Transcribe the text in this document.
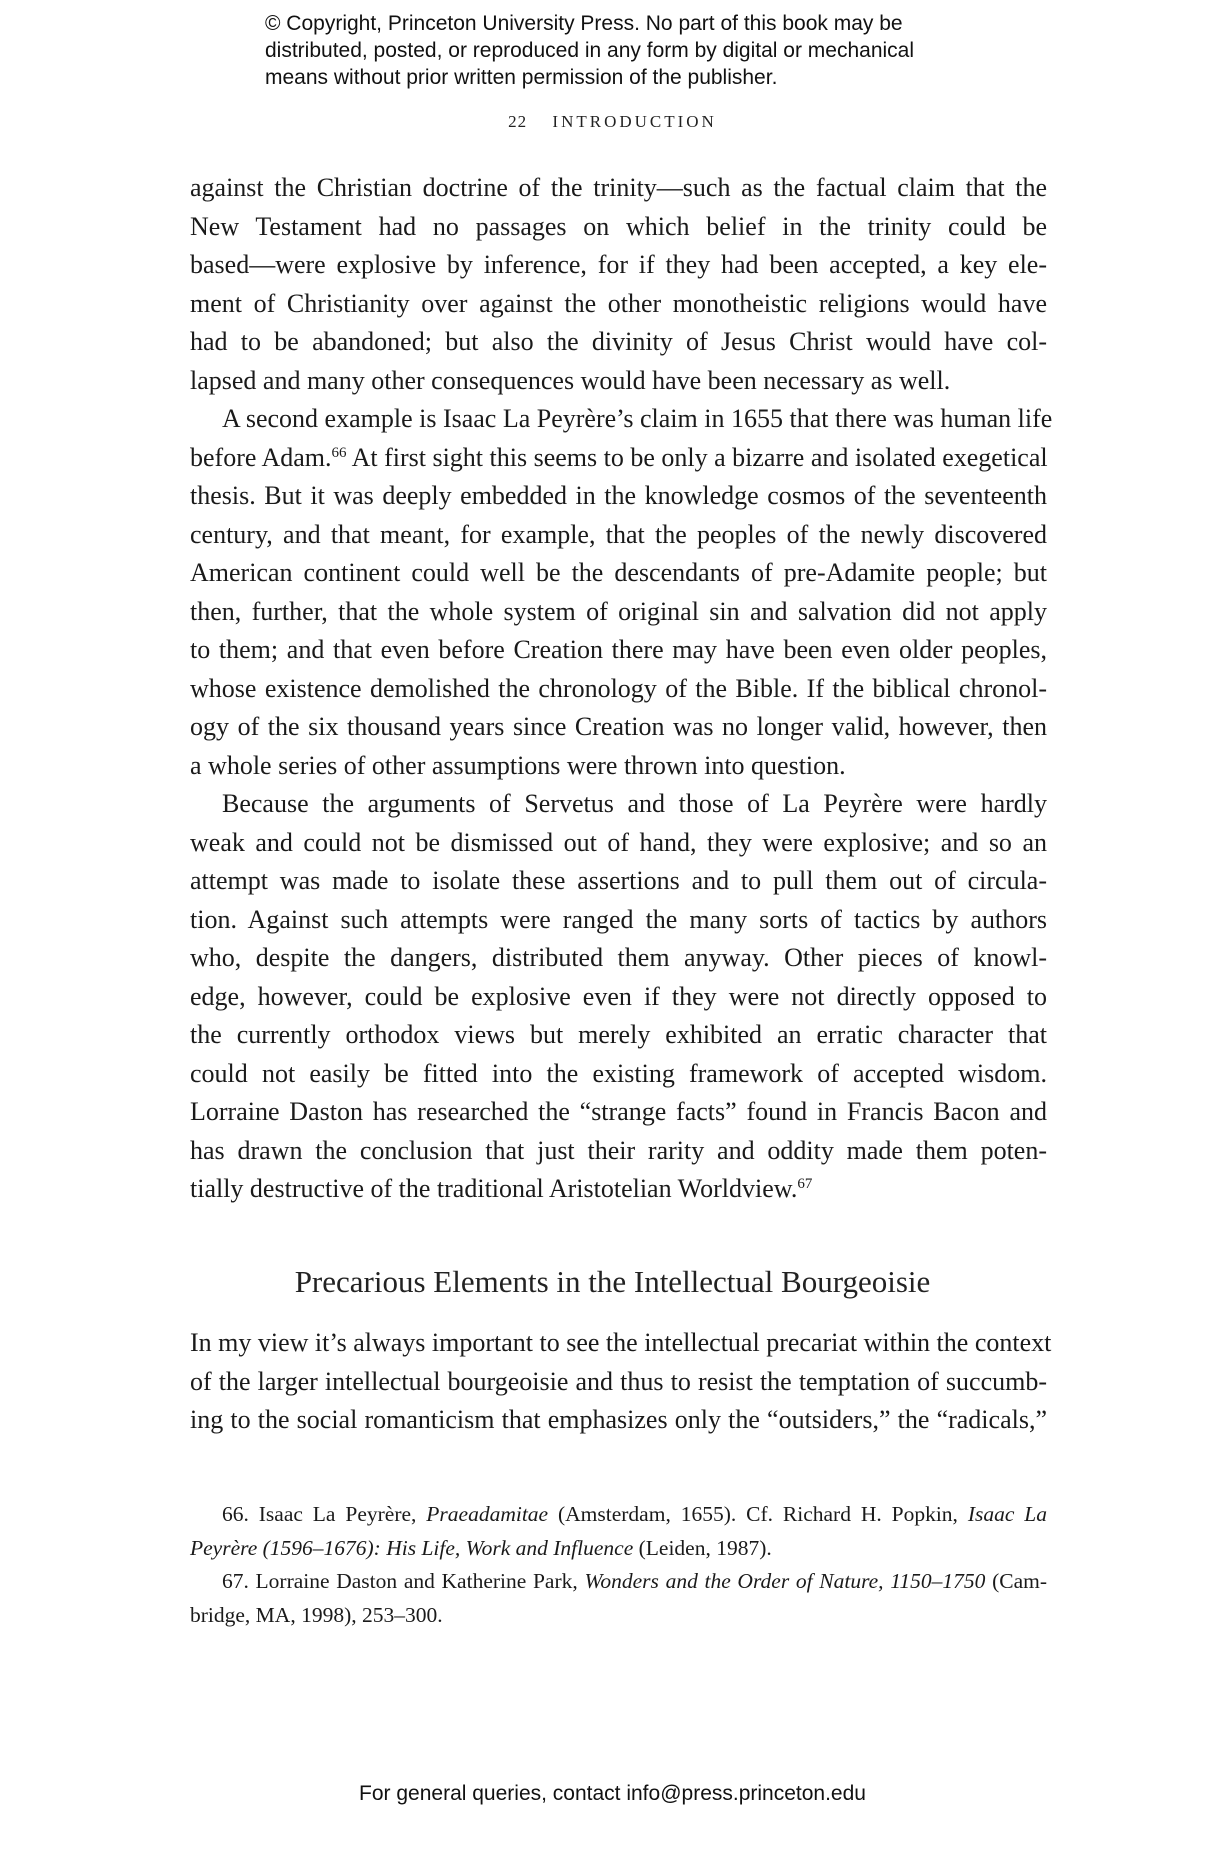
© Copyright, Princeton University Press. No part of this book may be
distributed, posted, or reproduced in any form by digital or mechanical
means without prior written permission of the publisher.
22 INTRODUCTION
against the Christian doctrine of the trinity—such as the factual claim that the
New Testament had no passages on which belief in the trinity could be
based—were explosive by inference, for if they had been accepted, a key ele-
ment of Christianity over against the other monotheistic religions would have
had to be abandoned; but also the divinity of Jesus Christ would have col-
lapsed and many other consequences would have been necessary as well.
A second example is Isaac La Peyrère’s claim in 1655 that there was human life
before Adam.$^{66}$ At first sight this seems to be only a bizarre and isolated exegetical
thesis. But it was deeply embedded in the knowledge cosmos of the seventeenth
century, and that meant, for example, that the peoples of the newly discovered
American continent could well be the descendants of pre-Adamite people; but
then, further, that the whole system of original sin and salvation did not apply
to them; and that even before Creation there may have been even older peoples,
whose existence demolished the chronology of the Bible. If the biblical chronol-
ogy of the six thousand years since Creation was no longer valid, however, then
a whole series of other assumptions were thrown into question.
Because the arguments of Servetus and those of La Peyrère were hardly
weak and could not be dismissed out of hand, they were explosive; and so an
attempt was made to isolate these assertions and to pull them out of circula-
tion. Against such attempts were ranged the many sorts of tactics by authors
who, despite the dangers, distributed them anyway. Other pieces of knowl-
edge, however, could be explosive even if they were not directly opposed to
the currently orthodox views but merely exhibited an erratic character that
could not easily be fitted into the existing framework of accepted wisdom.
Lorraine Daston has researched the “strange facts” found in Francis Bacon and
has drawn the conclusion that just their rarity and oddity made them poten-
tially destructive of the traditional Aristotelian Worldview.$^{67}$
Precarious Elements in the Intellectual Bourgeoisie
In my view it’s always important to see the intellectual precariat within the context
of the larger intellectual bourgeoisie and thus to resist the temptation of succumb-
ing to the social romanticism that emphasizes only the “outsiders,” the “radicals,”
66. Isaac La Peyrère, Praeadamitae (Amsterdam, 1655). Cf. Richard H. Popkin, Isaac La
Peyrère (1596–1676): His Life, Work and Influence (Leiden, 1987).
67. Lorraine Daston and Katherine Park, Wonders and the Order of Nature, 1150–1750 (Cam-
bridge, MA, 1998), 253–300.
For general queries, contact info@press.princeton.edu
